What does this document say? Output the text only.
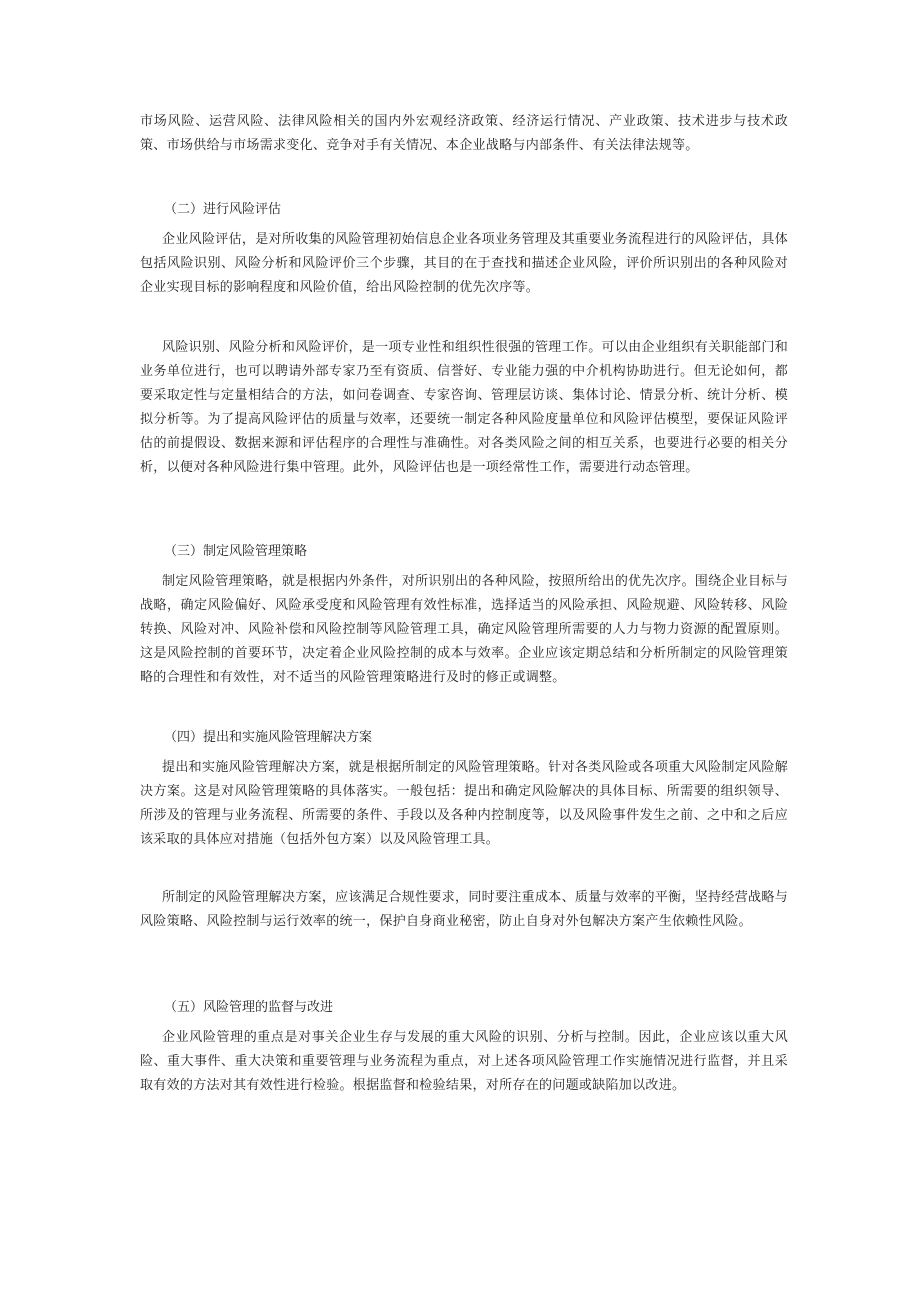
市场风险、运营风险、法律风险相关的国内外宏观经济政策、经济运行情况、产业政策、技术进步与技术政策、市场供给与市场需求变化、竞争对手有关情况、本企业战略与内部条件、有关法律法规等。

（二）进行风险评估

企业风险评估，是对所收集的风险管理初始信息企业各项业务管理及其重要业务流程进行的风险评估，具体包括风险识别、风险分析和风险评价三个步骤，其目的在于查找和描述企业风险，评价所识别出的各种风险对企业实现目标的影响程度和风险价值，给出风险控制的优先次序等。

风险识别、风险分析和风险评价，是一项专业性和组织性很强的管理工作。可以由企业组织有关职能部门和业务单位进行，也可以聘请外部专家乃至有资质、信誉好、专业能力强的中介机构协助进行。但无论如何，都要采取定性与定量相结合的方法，如问卷调查、专家咨询、管理层访谈、集体讨论、情景分析、统计分析、模拟分析等。为了提高风险评估的质量与效率，还要统一制定各种风险度量单位和风险评估模型，要保证风险评估的前提假设、数据来源和评估程序的合理性与准确性。对各类风险之间的相互关系，也要进行必要的相关分析，以便对各种风险进行集中管理。此外，风险评估也是一项经常性工作，需要进行动态管理。

（三）制定风险管理策略

制定风险管理策略，就是根据内外条件，对所识别出的各种风险，按照所给出的优先次序。围绕企业目标与战略，确定风险偏好、风险承受度和风险管理有效性标准，选择适当的风险承担、风险规避、风险转移、风险转换、风险对冲、风险补偿和风险控制等风险管理工具，确定风险管理所需要的人力与物力资源的配置原则。这是风险控制的首要环节，决定着企业风险控制的成本与效率。企业应该定期总结和分析所制定的风险管理策略的合理性和有效性，对不适当的风险管理策略进行及时的修正或调整。

（四）提出和实施风险管理解决方案

提出和实施风险管理解决方案，就是根据所制定的风险管理策略。针对各类风险或各项重大风险制定风险解决方案。这是对风险管理策略的具体落实。一般包括：提出和确定风险解决的具体目标、所需要的组织领导、所涉及的管理与业务流程、所需要的条件、手段以及各种内控制度等，以及风险事件发生之前、之中和之后应该采取的具体应对措施（包括外包方案）以及风险管理工具。

所制定的风险管理解决方案，应该满足合规性要求，同时要注重成本、质量与效率的平衡，坚持经营战略与风险策略、风险控制与运行效率的统一，保护自身商业秘密，防止自身对外包解决方案产生依赖性风险。

（五）风险管理的监督与改进

企业风险管理的重点是对事关企业生存与发展的重大风险的识别、分析与控制。因此，企业应该以重大风险、重大事件、重大决策和重要管理与业务流程为重点，对上述各项风险管理工作实施情况进行监督，并且采取有效的方法对其有效性进行检验。根据监督和检验结果，对所存在的问题或缺陷加以改进。
